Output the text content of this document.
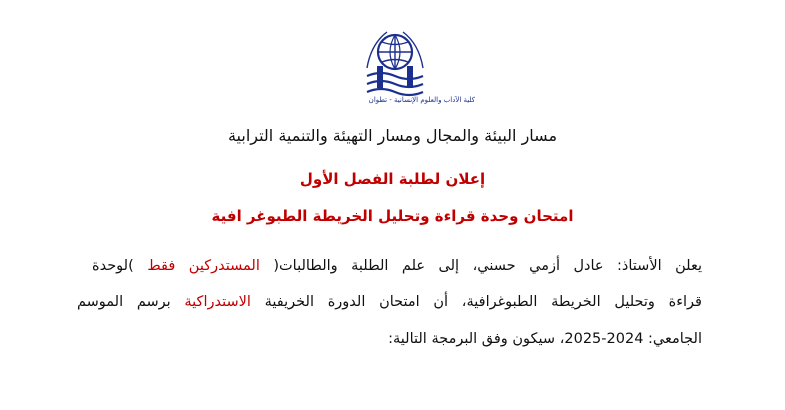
كلية الآداب والعلوم الإنسانية - تطوان
مسار البيئة والمجال ومسار التهيئة والتنمية الترابية
إعلان لطلبة الفصل الأول
امتحان وحدة قراءة وتحليل الخريطة الطبوغر افية
يعلن الأستاذ: عادل أزمي حسني، إلى علم الطلبة والطالبات( المستدركين فقط )لوحدة
قراءة وتحليل الخريطة الطبوغرافية، أن امتحان الدورة الخريفية الاستدراكية برسم الموسم
الجامعي: 2024-2025، سيكون وفق البرمجة التالية:
